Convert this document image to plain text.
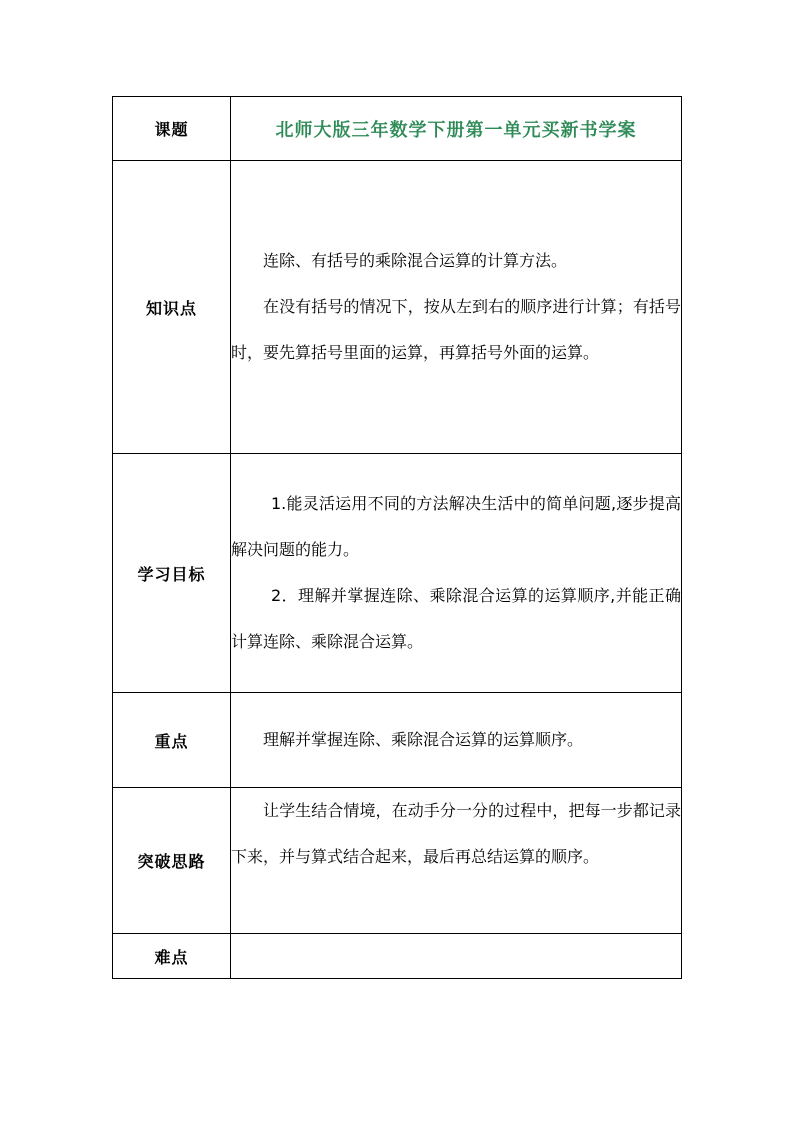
课题	北师大版三年数学下册第一单元买新书学案
知识点	连除、有括号的乘除混合运算的计算方法。

在没有括号的情况下，按从左到右的顺序进行计算；有括号时，要先算括号里面的运算，再算括号外面的运算。

学习目标	1.能灵活运用不同的方法解决生活中的简单问题,逐步提高解决问题的能力。

2．理解并掌握连除、乘除混合运算的运算顺序,并能正确计算连除、乘除混合运算。

重点	理解并掌握连除、乘除混合运算的运算顺序。

突破思路	让学生结合情境，在动手分一分的过程中，把每一步都记录下来，并与算式结合起来，最后再总结运算的顺序。

难点	
